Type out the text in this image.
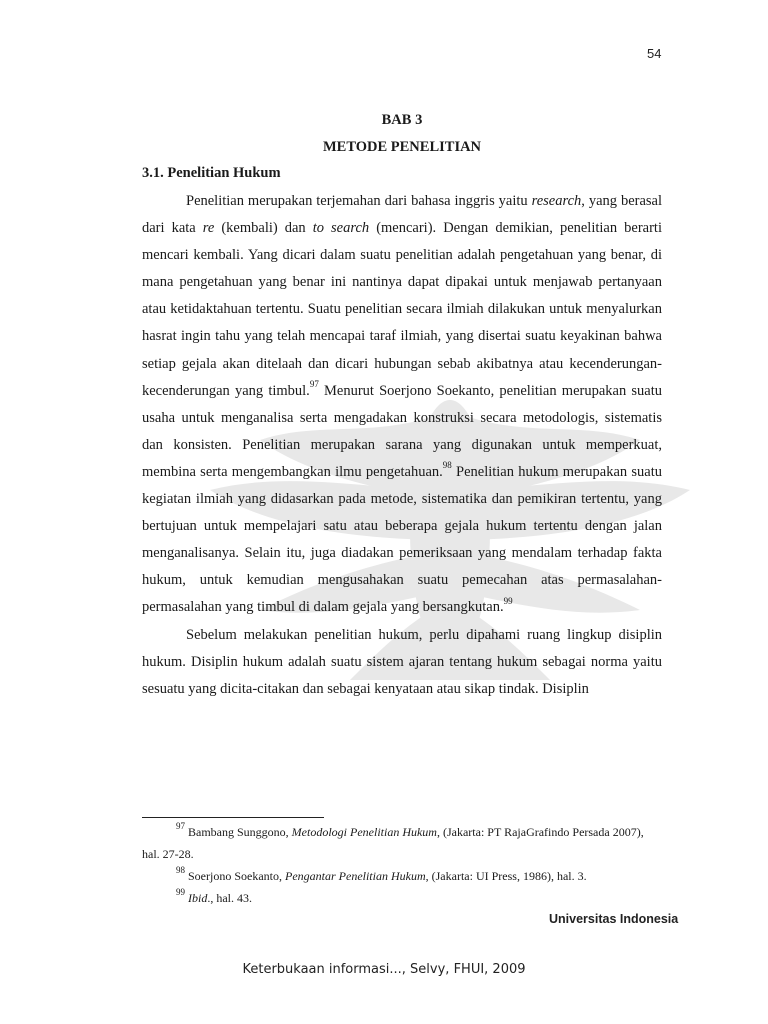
54
BAB 3
METODE PENELITIAN
3.1. Penelitian Hukum

Penelitian merupakan terjemahan dari bahasa inggris yaitu research, yang berasal dari kata re (kembali) dan to search (mencari). Dengan demikian, penelitian berarti mencari kembali. Yang dicari dalam suatu penelitian adalah pengetahuan yang benar, di mana pengetahuan yang benar ini nantinya dapat dipakai untuk menjawab pertanyaan atau ketidaktahuan tertentu. Suatu penelitian secara ilmiah dilakukan untuk menyalurkan hasrat ingin tahu yang telah mencapai taraf ilmiah, yang disertai suatu keyakinan bahwa setiap gejala akan ditelaah dan dicari hubungan sebab akibatnya atau kecenderungan-kecenderungan yang timbul.$^{97}$ Menurut Soerjono Soekanto, penelitian merupakan suatu usaha untuk menganalisa serta mengadakan konstruksi secara metodologis, sistematis dan konsisten. Penelitian merupakan sarana yang digunakan untuk memperkuat, membina serta mengembangkan ilmu pengetahuan.$^{98}$ Penelitian hukum merupakan suatu kegiatan ilmiah yang didasarkan pada metode, sistematika dan pemikiran tertentu, yang bertujuan untuk mempelajari satu atau beberapa gejala hukum tertentu dengan jalan menganalisanya. Selain itu, juga diadakan pemeriksaan yang mendalam terhadap fakta hukum, untuk kemudian mengusahakan suatu pemecahan atas permasalahan-permasalahan yang timbul di dalam gejala yang bersangkutan.$^{99}$

Sebelum melakukan penelitian hukum, perlu dipahami ruang lingkup disiplin hukum. Disiplin hukum adalah suatu sistem ajaran tentang hukum sebagai norma yaitu sesuatu yang dicita-citakan dan sebagai kenyataan atau sikap tindak. Disiplin

$^{97}$ Bambang Sunggono, Metodologi Penelitian Hukum, (Jakarta: PT RajaGrafindo Persada 2007), hal. 27-28.

$^{98}$ Soerjono Soekanto, Pengantar Penelitian Hukum, (Jakarta: UI Press, 1986), hal. 3.

$^{99}$ Ibid., hal. 43.

Universitas Indonesia
Keterbukaan informasi..., Selvy, FHUI, 2009
